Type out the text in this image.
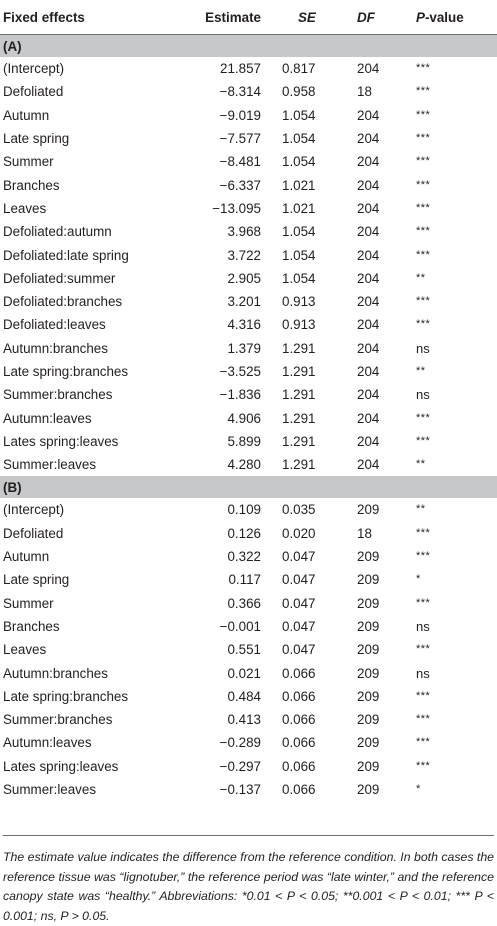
Fixed effects	Estimate	SE	DF	P-value
(A)				
(Intercept)	21.857	0.817	204	***
Defoliated	−8.314	0.958	18	***
Autumn	−9.019	1.054	204	***
Late spring	−7.577	1.054	204	***
Summer	−8.481	1.054	204	***
Branches	−6.337	1.021	204	***
Leaves	−13.095	1.021	204	***
Defoliated:autumn	3.968	1.054	204	***
Defoliated:late spring	3.722	1.054	204	***
Defoliated:summer	2.905	1.054	204	**
Defoliated:branches	3.201	0.913	204	***
Defoliated:leaves	4.316	0.913	204	***
Autumn:branches	1.379	1.291	204	ns
Late spring:branches	−3.525	1.291	204	**
Summer:branches	−1.836	1.291	204	ns
Autumn:leaves	4.906	1.291	204	***
Lates spring:leaves	5.899	1.291	204	***
Summer:leaves	4.280	1.291	204	**
(B)				
(Intercept)	0.109	0.035	209	**
Defoliated	0.126	0.020	18	***
Autumn	0.322	0.047	209	***
Late spring	0.117	0.047	209	*
Summer	0.366	0.047	209	***
Branches	−0.001	0.047	209	ns
Leaves	0.551	0.047	209	***
Autumn:branches	0.021	0.066	209	ns
Late spring:branches	0.484	0.066	209	***
Summer:branches	0.413	0.066	209	***
Autumn:leaves	−0.289	0.066	209	***
Lates spring:leaves	−0.297	0.066	209	***
Summer:leaves	−0.137	0.066	209	*
The estimate value indicates the difference from the reference condition. In both cases the reference tissue was “lignotuber,” the reference period was “late winter,” and the reference canopy state was “healthy.” Abbreviations: *0.01 < P < 0.05; **0.001 < P < 0.01; *** P < 0.001; ns, P > 0.05.
